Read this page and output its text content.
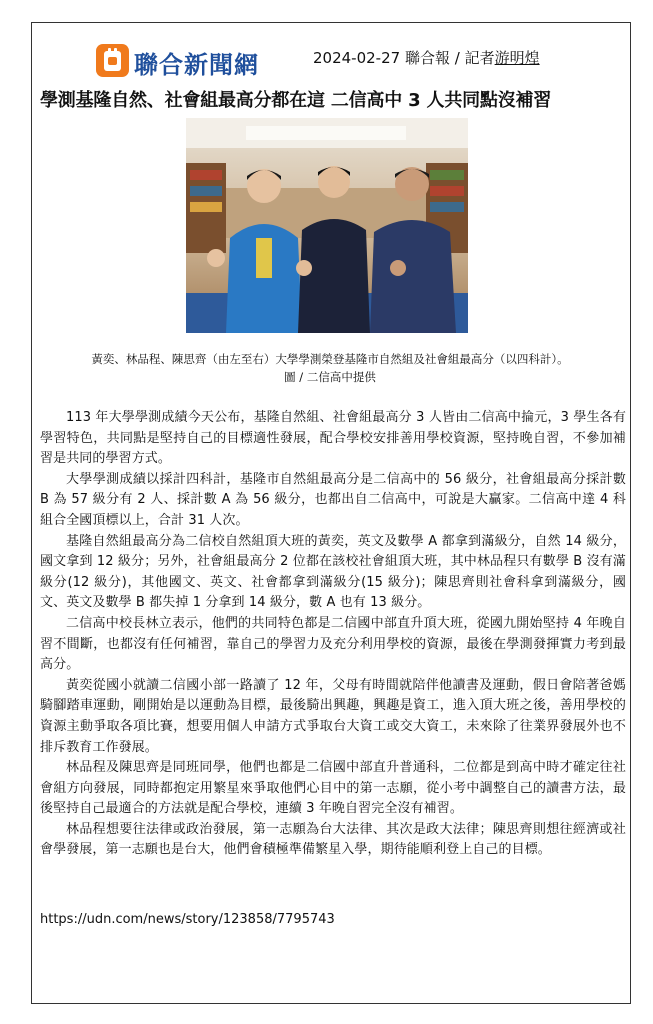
聯合新聞網	2024-02-27 聯合報 / 記者游明煌
學測基隆自然、社會組最高分都在這 二信高中 3 人共同點沒補習
黃奕、林品程、陳思齊（由左至右）大學學測榮登基隆市自然組及社會組最高分（以四科計）。
圖 / 二信高中提供

113 年大學學測成績今天公布，基隆自然組、社會組最高分 3 人皆由二信高中掄元，3 學生各有學習特色，共同點是堅持自己的目標適性發展，配合學校安排善用學校資源，堅持晚自習，不參加補習是共同的學習方式。

大學學測成績以採計四科計，基隆市自然組最高分是二信高中的 56 級分，社會組最高分採計數 B 為 57 級分有 2 人、採計數 A 為 56 級分，也都出自二信高中，可說是大贏家。二信高中達 4 科組合全國頂標以上，合計 31 人次。

基隆自然組最高分為二信校自然組頂大班的黃奕，英文及數學 A 都拿到滿級分，自然 14 級分，國文拿到 12 級分；另外，社會組最高分 2 位都在該校社會組頂大班，其中林品程只有數學 B 沒有滿級分(12 級分)，其他國文、英文、社會都拿到滿級分(15 級分)；陳思齊則社會科拿到滿級分，國文、英文及數學 B 都失掉 1 分拿到 14 級分，數 A 也有 13 級分。

二信高中校長林立表示，他們的共同特色都是二信國中部直升頂大班，從國九開始堅持 4 年晚自習不間斷，也都沒有任何補習，靠自己的學習力及充分利用學校的資源，最後在學測發揮實力考到最高分。

黃奕從國小就讀二信國小部一路讀了 12 年，父母有時間就陪伴他讀書及運動，假日會陪著爸媽騎腳踏車運動，剛開始是以運動為目標，最後騎出興趣，興趣是資工，進入頂大班之後，善用學校的資源主動爭取各項比賽，想要用個人申請方式爭取台大資工或交大資工，未來除了往業界發展外也不排斥教育工作發展。

林品程及陳思齊是同班同學，他們也都是二信國中部直升普通科，二位都是到高中時才確定往社會組方向發展，同時都抱定用繁星來爭取他們心目中的第一志願，從小考中調整自己的讀書方法，最後堅持自己最適合的方法就是配合學校，連續 3 年晚自習完全沒有補習。

林品程想要往法律或政治發展，第一志願為台大法律、其次是政大法律；陳思齊則想往經濟或社會學發展，第一志願也是台大，他們會積極準備繁星入學，期待能順利登上自己的目標。

https://udn.com/news/story/123858/7795743
